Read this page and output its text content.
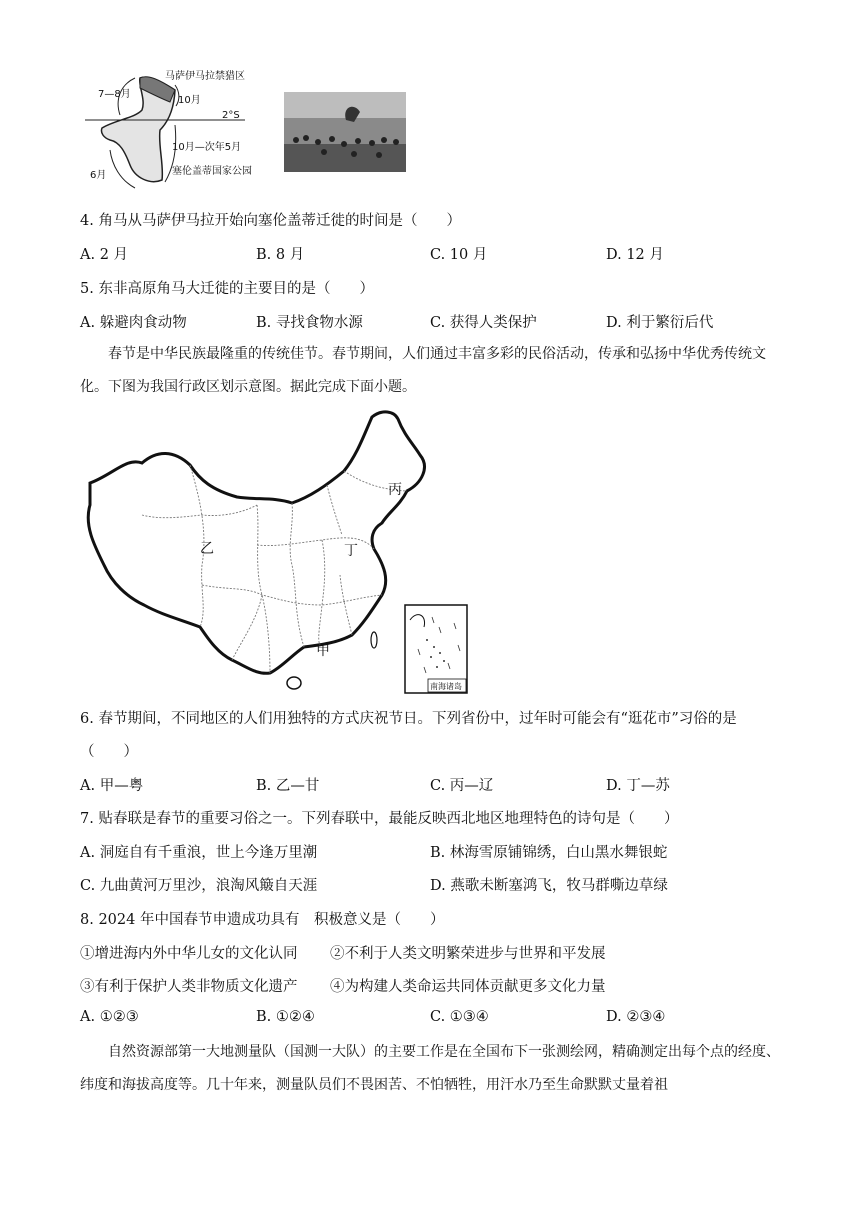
马萨伊马拉禁猎区
7—8月
10月
2°S
10月—次年5月
6月	塞伦盖蒂国家公园
4. 角马从马萨伊马拉开始向塞伦盖蒂迁徙的时间是（　　）
A. 2 月	B. 8 月	C. 10 月	D. 12 月
5. 东非高原角马大迁徙的主要目的是（　　）
A. 躲避肉食动物	B. 寻找食物水源	C. 获得人类保护	D. 利于繁衍后代
春节是中华民族最隆重的传统佳节。春节期间，人们通过丰富多彩的民俗活动，传承和弘扬中华优秀传统文化。下图为我国行政区划示意图。据此完成下面小题。
丙
乙	丁
甲
南海诸岛
6. 春节期间，不同地区的人们用独特的方式庆祝节日。下列省份中，过年时可能会有“逛花市”习俗的是
（　　）
A. 甲—粤	B. 乙—甘	C. 丙—辽	D. 丁—苏
7. 贴春联是春节的重要习俗之一。下列春联中，最能反映西北地区地理特色的诗句是（　　）
A. 洞庭自有千重浪，世上今逢万里潮	B. 林海雪原铺锦绣，白山黑水舞银蛇
C. 九曲黄河万里沙，浪淘风簸自天涯	D. 燕歌未断塞鸿飞，牧马群嘶边草绿
8. 2024 年中国春节申遗成功具有　积极意义是（　　）
①增进海内外中华儿女的文化认同 ②不利于人类文明繁荣进步与世界和平发展
③有利于保护人类非物质文化遗产 ④为构建人类命运共同体贡献更多文化力量
A. ①②③	B. ①②④	C. ①③④	D. ②③④
自然资源部第一大地测量队（国测一大队）的主要工作是在全国布下一张测绘网，精确测定出每个点的经度、纬度和海拔高度等。几十年来，测量队员们不畏困苦、不怕牺牲，用汗水乃至生命默默丈量着祖
